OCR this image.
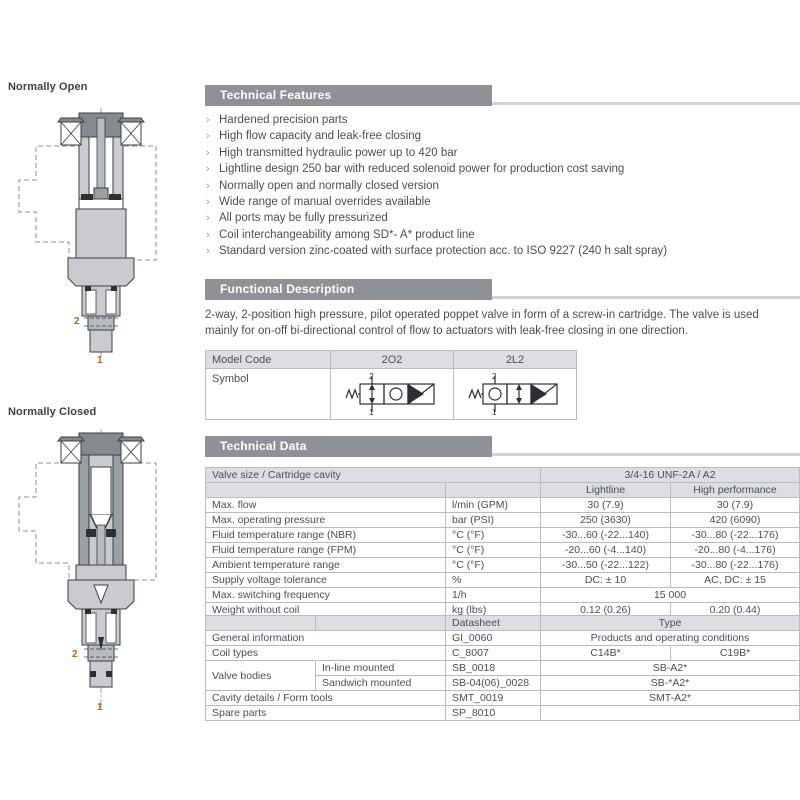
Normally Open
2
1
Normally Closed
2
1
Technical Features
› Hardened precision parts
› High flow capacity and leak-free closing
› High transmitted hydraulic power up to 420 bar
› Lightline design 250 bar with reduced solenoid power for production cost saving
› Normally open and normally closed version
› Wide range of manual overrides available
› All ports may be fully pressurized
› Coil interchangeability among SD*- A* product line
› Standard version zinc-coated with surface protection acc. to ISO 9227 (240 h salt spray)
Functional Description
2-way, 2-position high pressure, pilot operated poppet valve in form of a screw-in cartridge. The valve is used mainly for on-off bi-directional control of flow to actuators with leak-free closing in one direction.
Model Code	2O2	2L2
Symbol	2
1	2
1
Technical Data
Valve size / Cartridge cavity		3/4-16 UNF-2A / A2	
		Lightline	High performance
Max. flow	l/min (GPM)	30 (7.9)	30 (7.9)
Max. operating pressure	bar (PSI)	250 (3630)	420 (6090)
Fluid temperature range (NBR)	°C (°F)	-30...60 (-22...140)	-30...80 (-22...176)
Fluid temperature range (FPM)	°C (°F)	-20...60 (-4...140)	-20...80 (-4...176)
Ambient temperature range	°C (°F)	-30...50 (-22...122)	-30...80 (-22...176)
Supply voltage tolerance	%	DC: ± 10	AC, DC: ± 15
Max. switching frequency	1/h	15 000	
Weight without coil	kg (lbs)	0.12 (0.26)	0.20 (0.44)
		Datasheet	Type	
General information		GI_0060	Products and operating conditions	
Coil types		C_8007	C14B*	C19B*
Valve bodies	In-line mounted	SB_0018	SB-A2*	
	Sandwich mounted	SB-04(06)_0028	SB-*A2*	
Cavity details / Form tools		SMT_0019	SMT-A2*	
Spare parts		SP_8010		
